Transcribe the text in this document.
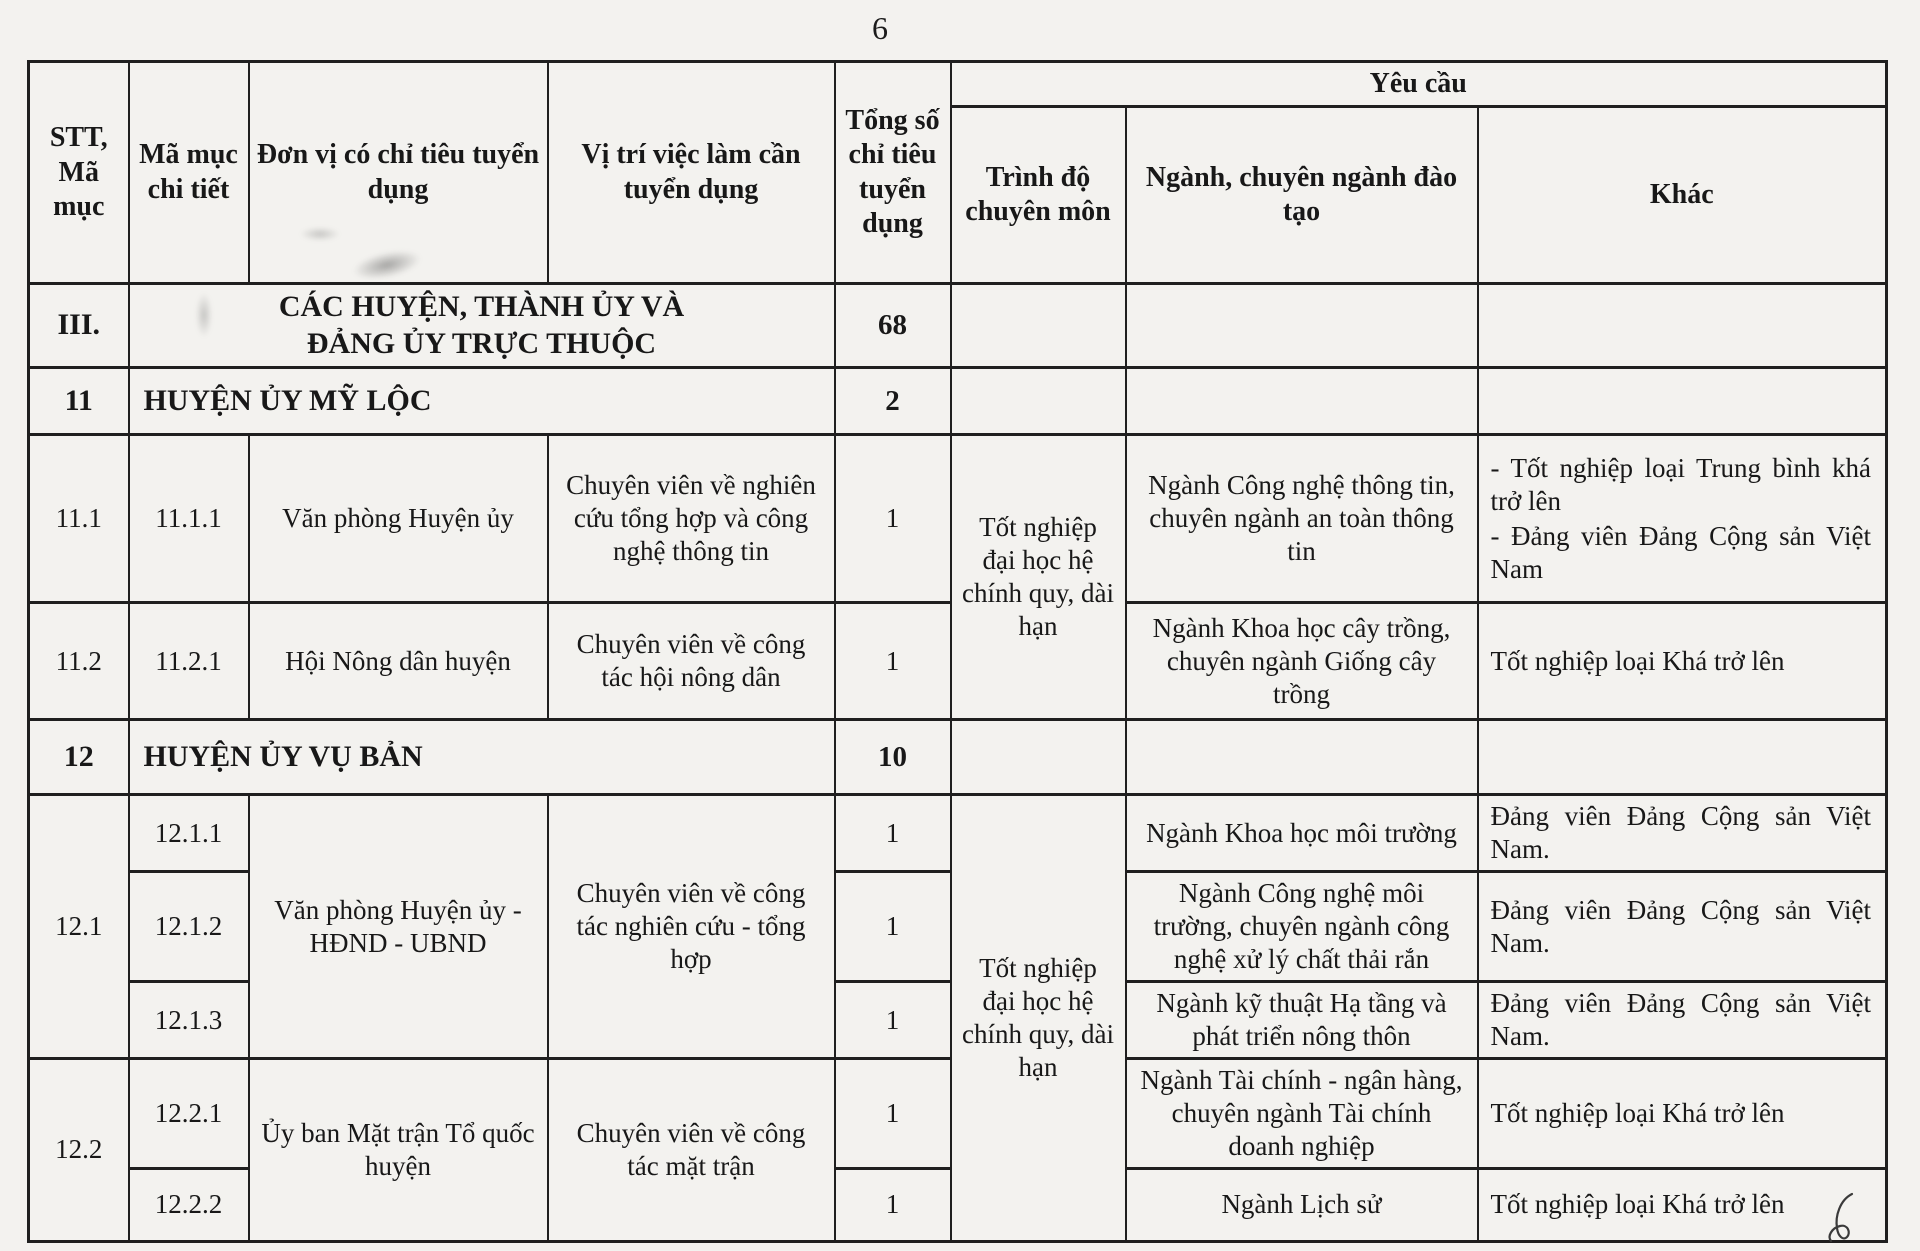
6
STT, Mã mục	Mã mục chi tiết	Đơn vị có chỉ tiêu tuyển dụng	Vị trí việc làm cần tuyển dụng	Tổng số chỉ tiêu tuyển dụng	Yêu cầu		
					Trình độ chuyên môn	Ngành, chuyên ngành đào tạo	Khác
III.	CÁC HUYỆN, THÀNH ỦY VÀ ĐẢNG ỦY TRỰC THUỘC			68			
11	HUYỆN ỦY MỸ LỘC			2			
11.1	11.1.1	Văn phòng Huyện ủy	Chuyên viên về nghiên cứu tổng hợp và công nghệ thông tin	1	Tốt nghiệp đại học hệ chính quy, dài hạn	Ngành Công nghệ thông tin, chuyên ngành an toàn thông tin	- Tốt nghiệp loại Trung bình khá trở lên
- Đảng viên Đảng Cộng sản Việt Nam

11.2	11.2.1	Hội Nông dân huyện	Chuyên viên về công tác hội nông dân	1		Ngành Khoa học cây trồng, chuyên ngành Giống cây trồng	Tốt nghiệp loại Khá trở lên
12	HUYỆN ỦY VỤ BẢN			10			
12.1	12.1.1	Văn phòng Huyện ủy - HĐND - UBND	Chuyên viên về công tác nghiên cứu - tổng hợp	1	Tốt nghiệp đại học hệ chính quy, dài hạn	Ngành Khoa học môi trường	Đảng viên Đảng Cộng sản Việt Nam.
	12.1.2			1		Ngành Công nghệ môi trường, chuyên ngành công nghệ xử lý chất thải rắn	Đảng viên Đảng Cộng sản Việt Nam.
	12.1.3			1		Ngành kỹ thuật Hạ tầng và phát triển nông thôn	Đảng viên Đảng Cộng sản Việt Nam.
12.2	12.2.1	Ủy ban Mặt trận Tổ quốc huyện	Chuyên viên về công tác mặt trận	1		Ngành Tài chính - ngân hàng, chuyên ngành Tài chính doanh nghiệp	Tốt nghiệp loại Khá trở lên
	12.2.2			1		Ngành Lịch sử	Tốt nghiệp loại Khá trở lên
